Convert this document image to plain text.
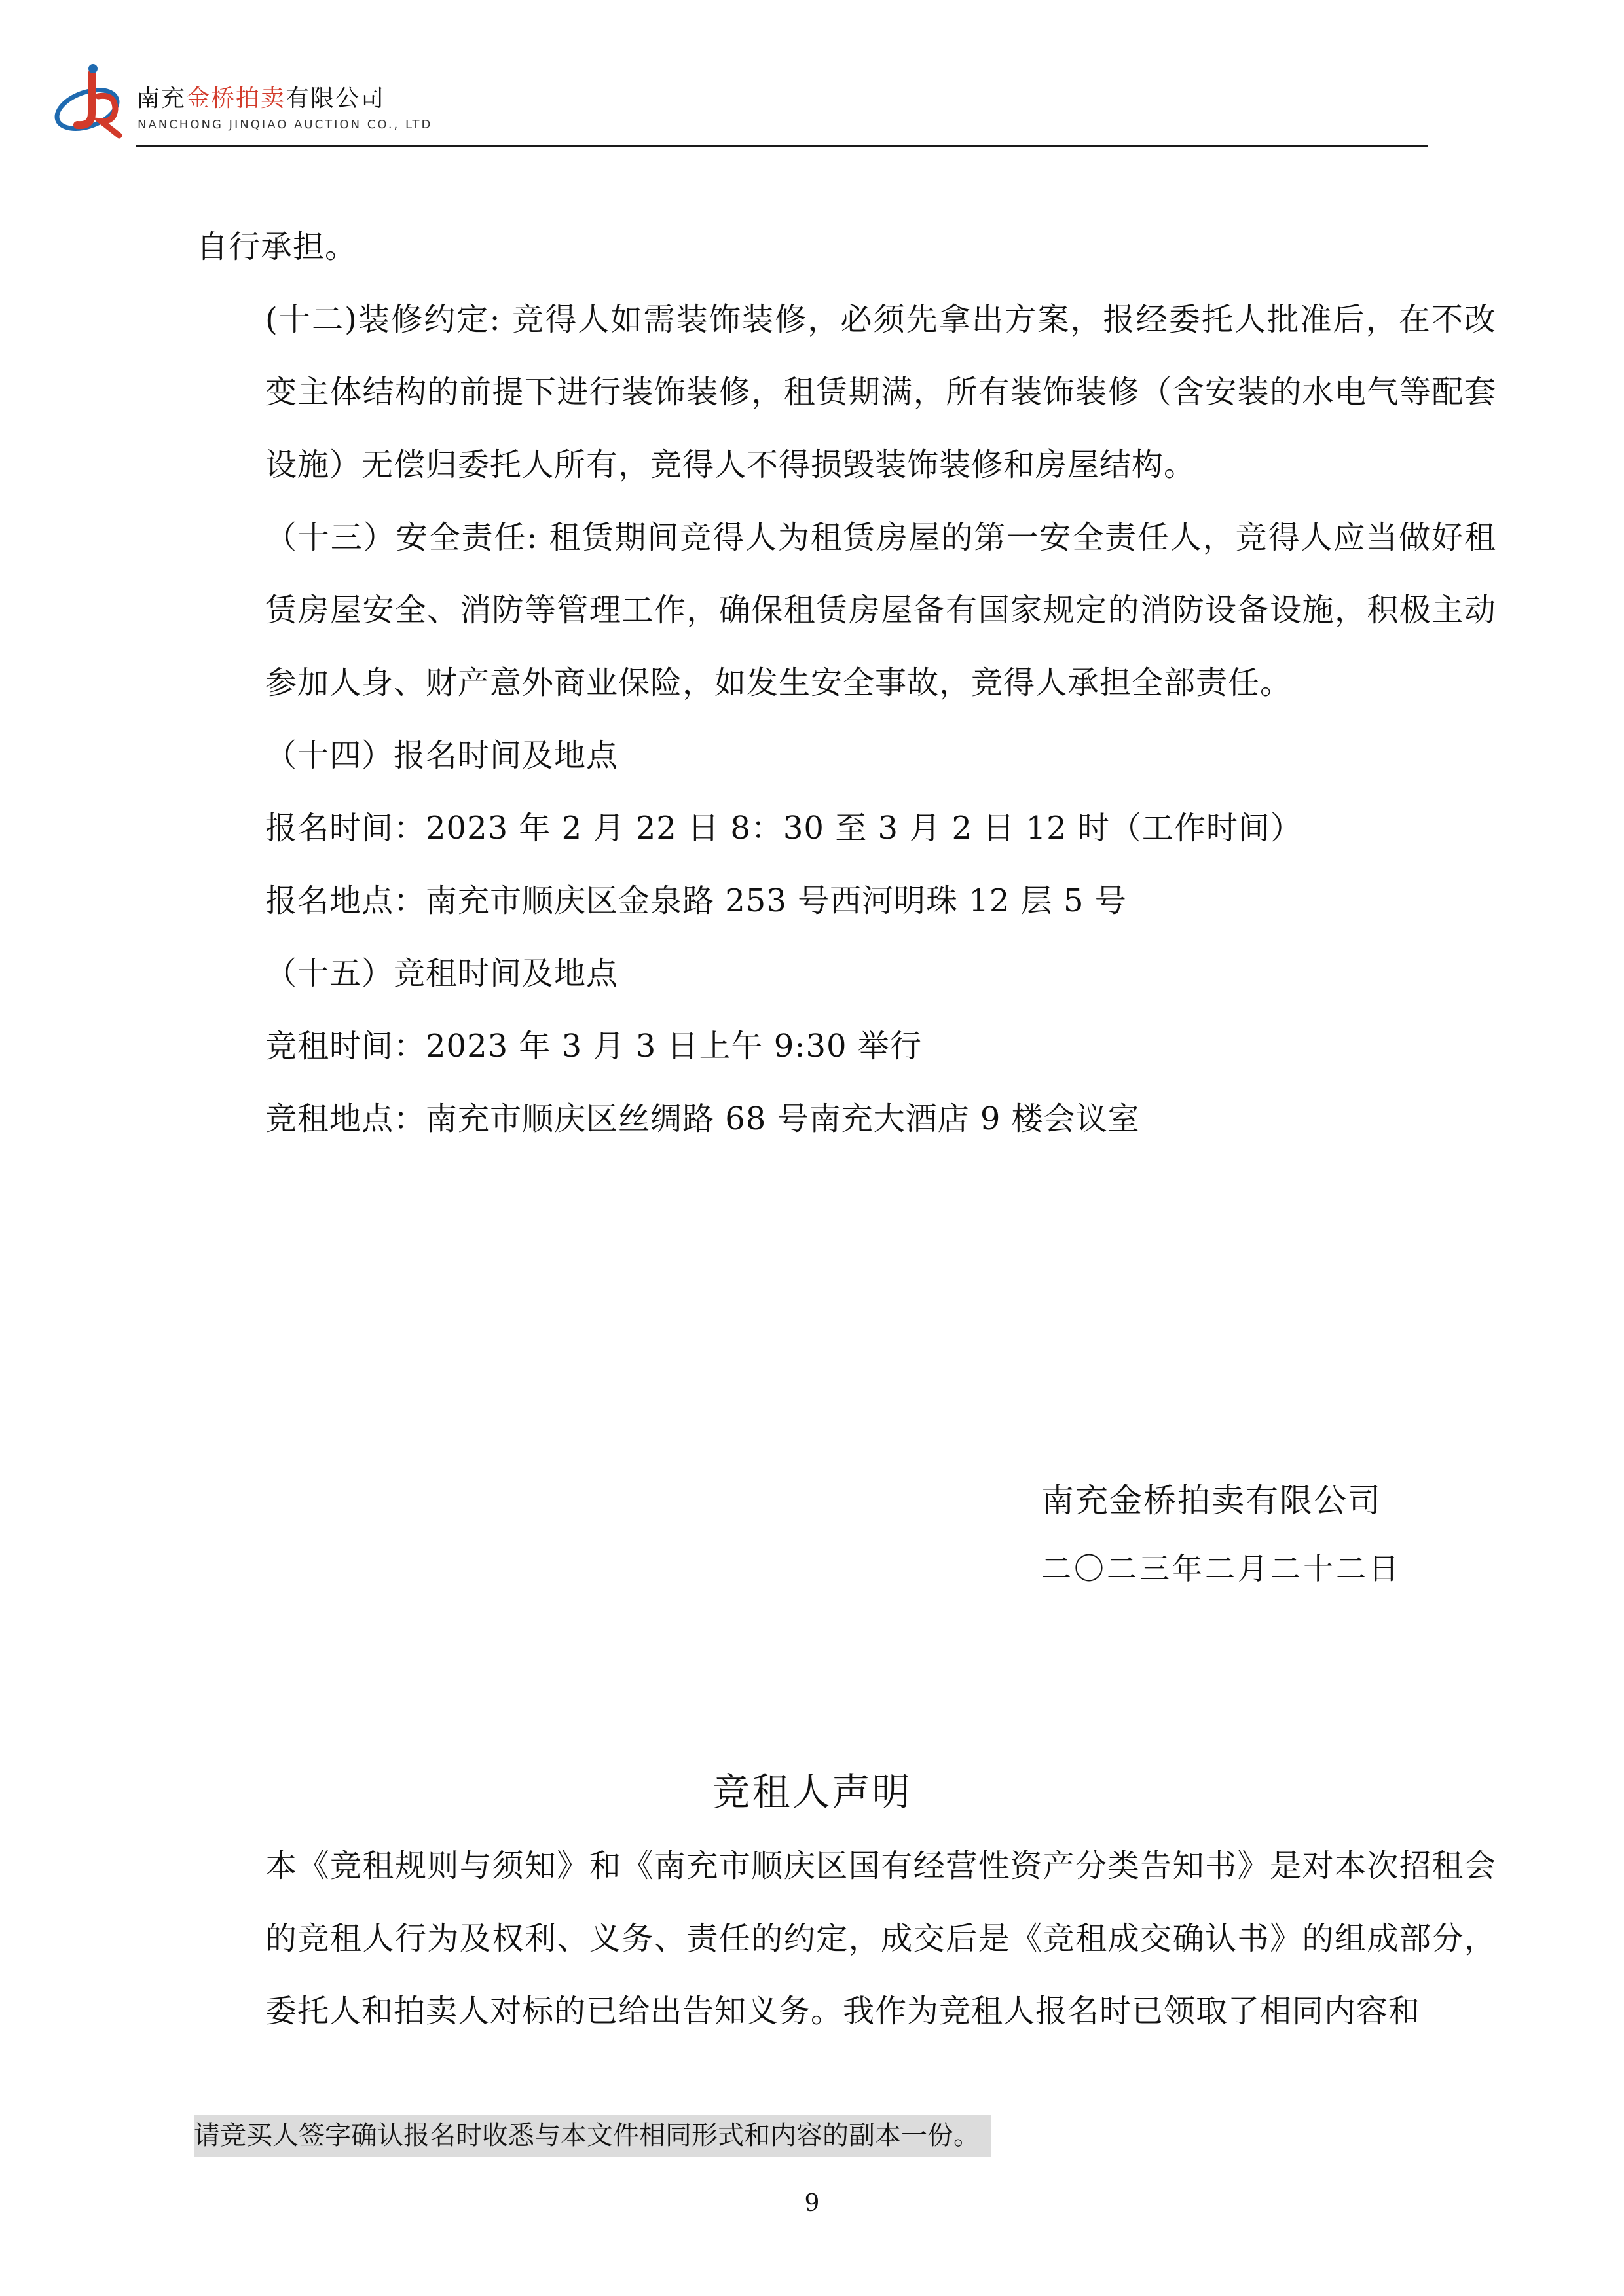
南充金桥拍卖有限公司
NANCHONG JINQIAO AUCTION CO., LTD

自行承担。

(十二)装修约定: 竞得人如需装饰装修，必须先拿出方案，报经委托人批准后，在不改变主体结构的前提下进行装饰装修，租赁期满，所有装饰装修（含安装的水电气等配套设施）无偿归委托人所有，竞得人不得损毁装饰装修和房屋结构。

（十三）安全责任: 租赁期间竞得人为租赁房屋的第一安全责任人，竞得人应当做好租赁房屋安全、消防等管理工作，确保租赁房屋备有国家规定的消防设备设施，积极主动参加人身、财产意外商业保险，如发生安全事故，竞得人承担全部责任。

（十四）报名时间及地点

报名时间：2023 年 2 月 22 日 8：30 至 3 月 2 日 12 时（工作时间）

报名地点：南充市顺庆区金泉路 253 号西河明珠 12 层 5 号

（十五）竞租时间及地点

竞租时间：2023 年 3 月 3 日上午 9:30 举行

竞租地点：南充市顺庆区丝绸路 68 号南充大酒店 9 楼会议室

南充金桥拍卖有限公司
二〇二三年二月二十二日
竞租人声明

本《竞租规则与须知》和《南充市顺庆区国有经营性资产分类告知书》是对本次招租会的竞租人行为及权利、义务、责任的约定，成交后是《竞租成交确认书》的组成部分，委托人和拍卖人对标的已给出告知义务。我作为竞租人报名时已领取了相同内容和

请竞买人签字确认报名时收悉与本文件相同形式和内容的副本一份。
9
